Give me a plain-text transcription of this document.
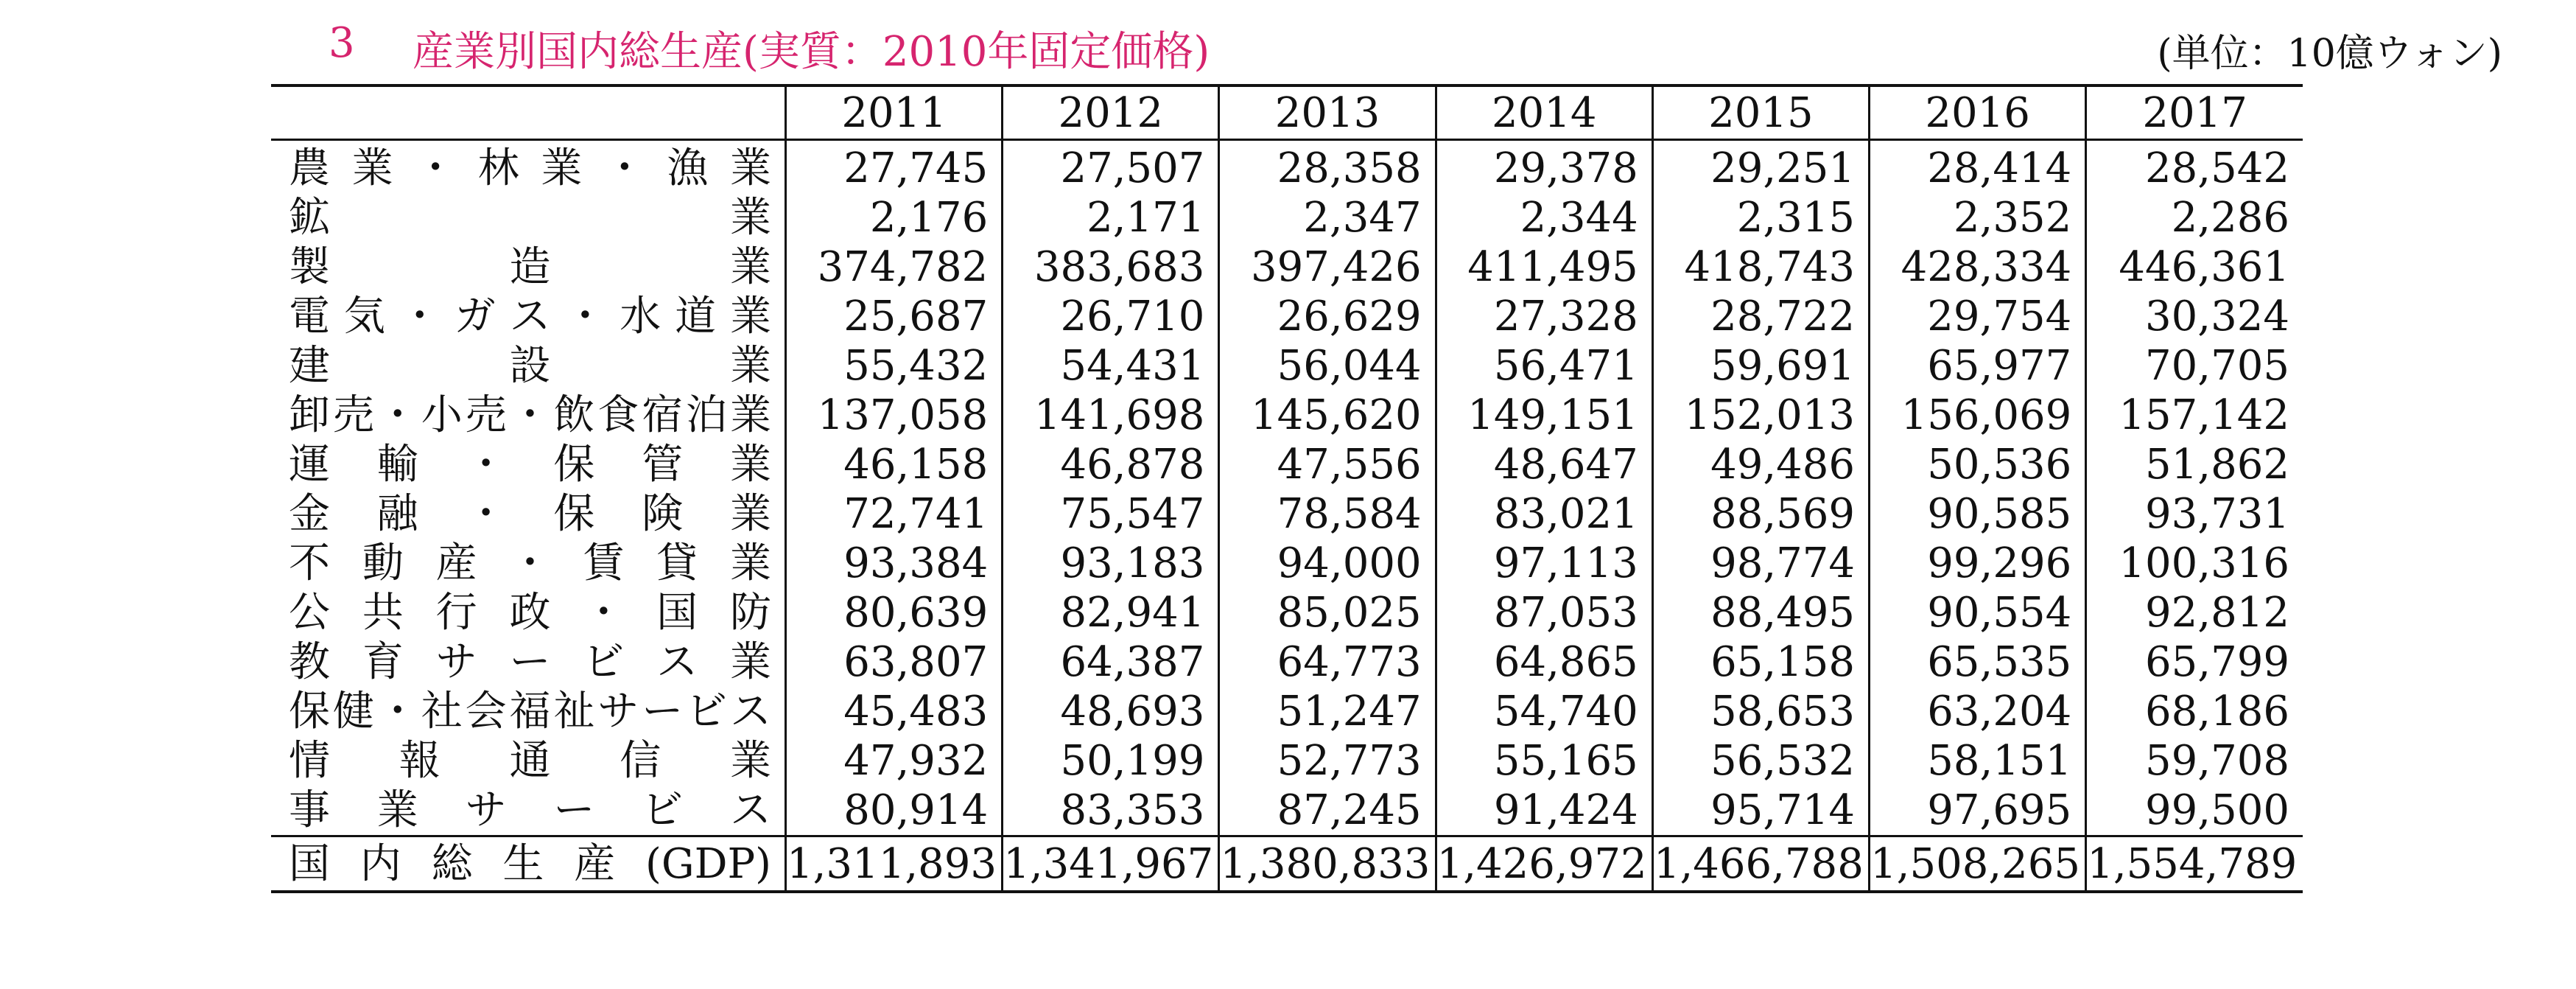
3 産業別国内総生産(実質：2010年固定価格)	(単位：10億ウォン)
	2011	2012	2013	2014	2015	2016	2017
農業・林業・漁業	27,745	27,507	28,358	29,378	29,251	28,414	28,542
鉱業	2,176	2,171	2,347	2,344	2,315	2,352	2,286
製造業	374,782	383,683	397,426	411,495	418,743	428,334	446,361
電気・ガス・水道業	25,687	26,710	26,629	27,328	28,722	29,754	30,324
建設業	55,432	54,431	56,044	56,471	59,691	65,977	70,705
卸売・小売・飲食宿泊業	137,058	141,698	145,620	149,151	152,013	156,069	157,142
運輸・保管業	46,158	46,878	47,556	48,647	49,486	50,536	51,862
金融・保険業	72,741	75,547	78,584	83,021	88,569	90,585	93,731
不動産・賃貸業	93,384	93,183	94,000	97,113	98,774	99,296	100,316
公共行政・国防	80,639	82,941	85,025	87,053	88,495	90,554	92,812
教育サービス業	63,807	64,387	64,773	64,865	65,158	65,535	65,799
保健・社会福祉サービス	45,483	48,693	51,247	54,740	58,653	63,204	68,186
情報通信業	47,932	50,199	52,773	55,165	56,532	58,151	59,708
事業サービス	80,914	83,353	87,245	91,424	95,714	97,695	99,500
国内総生産(GDP)	1,311,893	1,341,967	1,380,833	1,426,972	1,466,788	1,508,265	1,554,789
